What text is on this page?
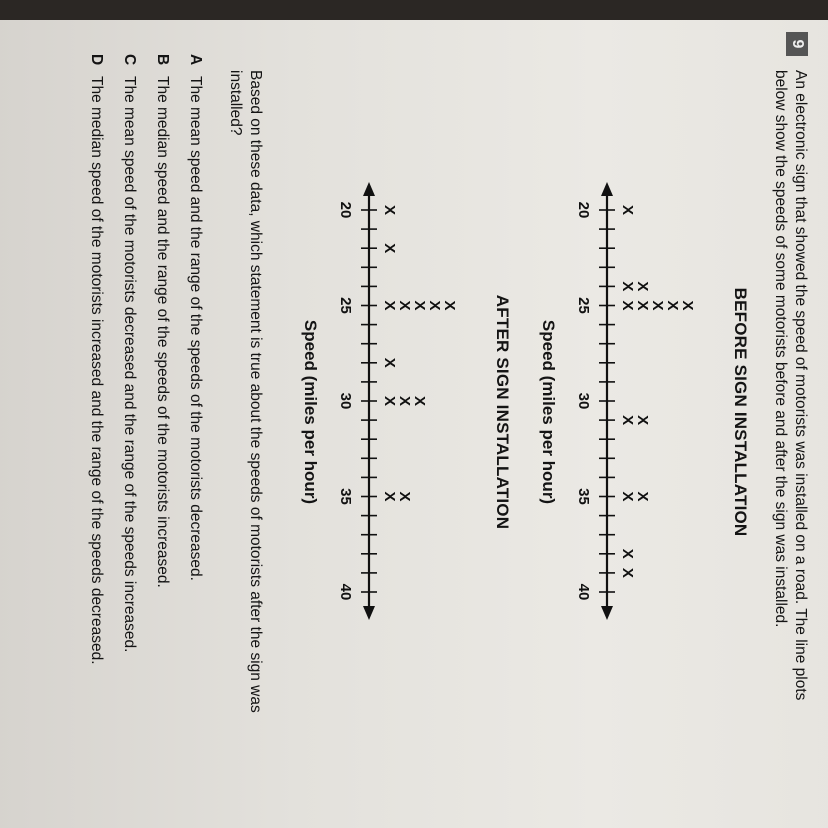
9
An electronic sign that showed the speed of motorists was installed on a road. The line plots below show the speeds of some motorists before and after the sign was installed.
BEFORE SIGN INSTALLATION
20
25
30
35
40
X
X
X
X
X
X
X
X
X
X
X
X
X
X
Speed (miles per hour)
AFTER SIGN INSTALLATION
20
25
30
35
40
X
X
X
X
X
X
X
X
X
X
X
X
X
Speed (miles per hour)
Based on these data, which statement is true about the speeds of motorists after the sign was installed?
A
The mean speed and the range of the speeds of the motorists decreased.
B
The median speed and the range of the speeds of the motorists increased.
C
The mean speed of the motorists decreased and the range of the speeds increased.
D
The median speed of the motorists increased and the range of the speeds decreased.
